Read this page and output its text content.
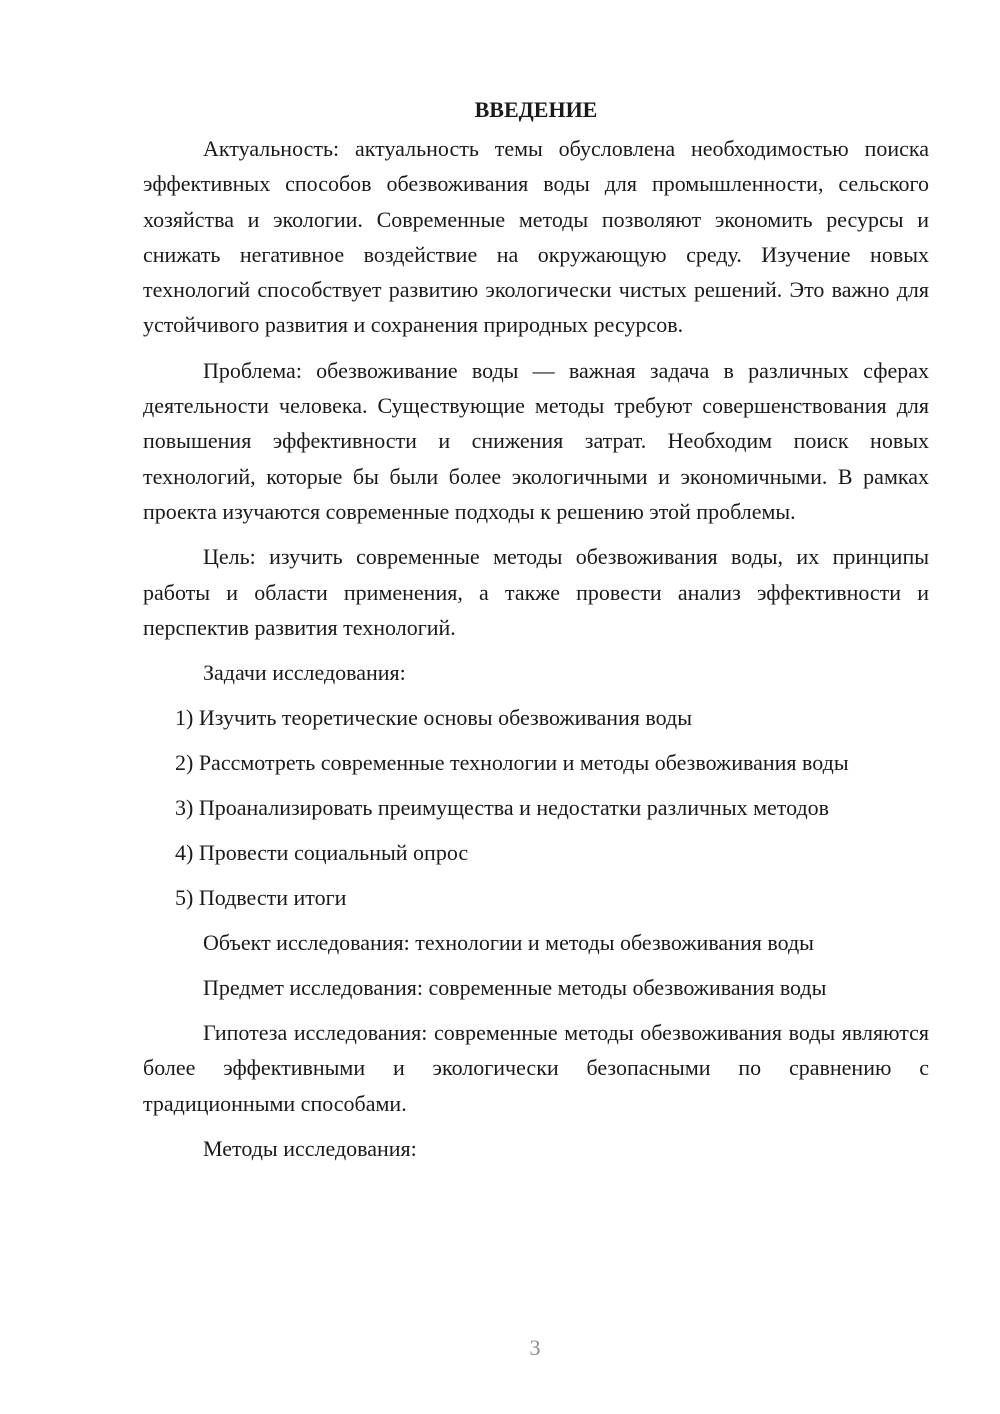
ВВЕДЕНИЕ

Актуальность: актуальность темы обусловлена необходимостью поиска эффективных способов обезвоживания воды для промышленности, сельского хозяйства и экологии. Современные методы позволяют экономить ресурсы и снижать негативное воздействие на окружающую среду. Изучение новых технологий способствует развитию экологически чистых решений. Это важно для устойчивого развития и сохранения природных ресурсов.

Проблема: обезвоживание воды — важная задача в различных сферах деятельности человека. Существующие методы требуют совершенствования для повышения эффективности и снижения затрат. Необходим поиск новых технологий, которые бы были более экологичными и экономичными. В рамках проекта изучаются современные подходы к решению этой проблемы.

Цель: изучить современные методы обезвоживания воды, их принципы работы и области применения, а также провести анализ эффективности и перспектив развития технологий.

Задачи исследования:

1) Изучить теоретические основы обезвоживания воды
2) Рассмотреть современные технологии и методы обезвоживания воды
3) Проанализировать преимущества и недостатки различных методов
4) Провести социальный опрос
5) Подвести итоги

Объект исследования: технологии и методы обезвоживания воды

Предмет исследования: современные методы обезвоживания воды

Гипотеза исследования: современные методы обезвоживания воды являются более эффективными и экологически безопасными по сравнению с традиционными способами.

Методы исследования:

3
